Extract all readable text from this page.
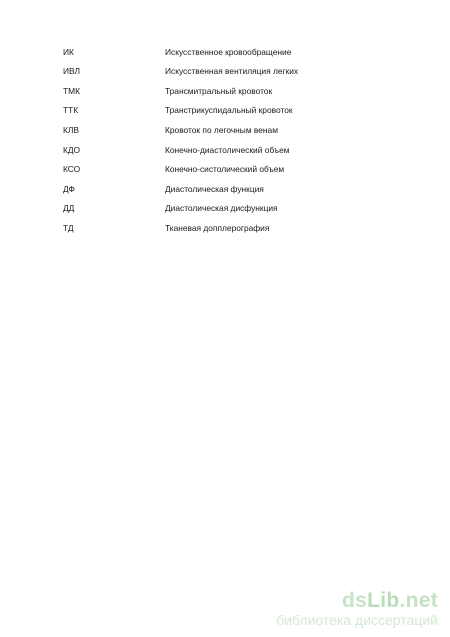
ИК	Искусственное кровообращение
ИВЛ	Искусственная вентиляция легких
ТМК	Трансмитральный кровоток
ТТК	Транстрикуспидальный кровоток
КЛВ	Кровоток по легочным венам
КДО	Конечно-диастолический объем
КСО	Конечно-систолический объем
ДФ	Диастолическая функция
ДД	Диастолическая дисфункция
ТД	Тканевая допплерография
dsLib.net
библиотека диссертаций
